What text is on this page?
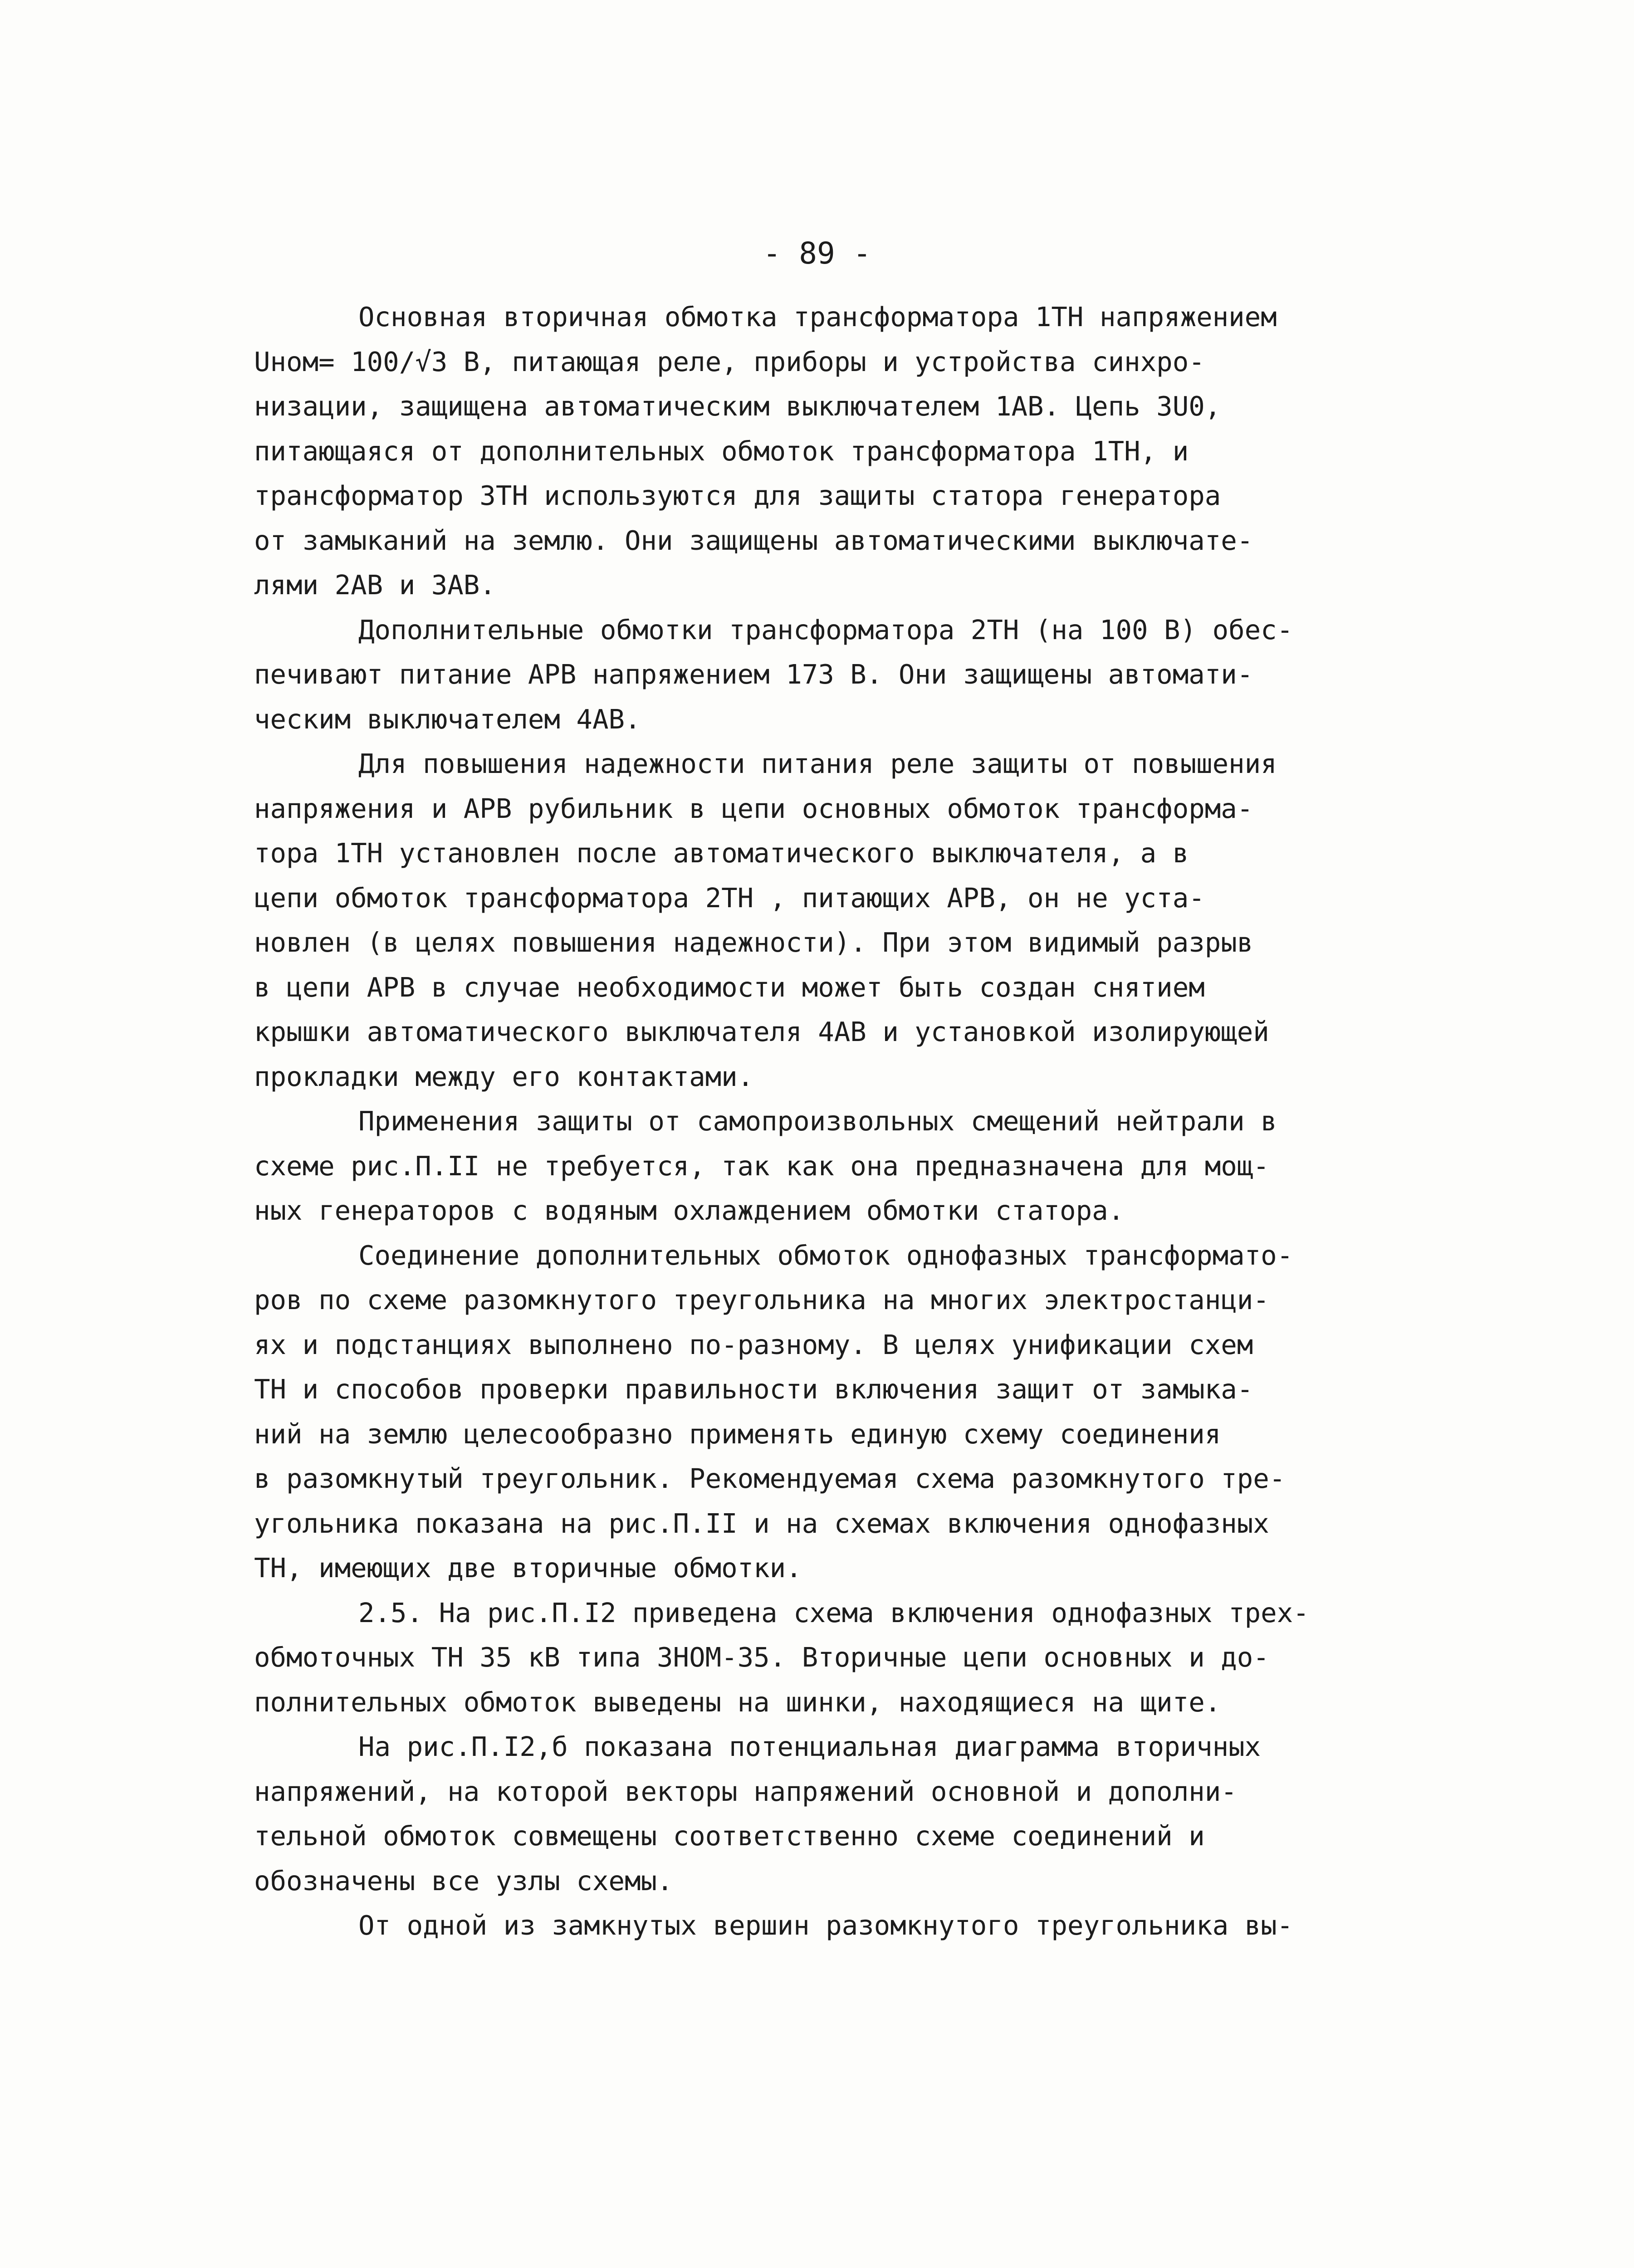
- 89 -
Основная вторичная обмотка трансформатора 1ТН напряжением
Uном= 100/√3 В, питающая реле, приборы и устройства синхро-
низации, защищена автоматическим выключателем 1АВ. Цепь 3U0,
питающаяся от дополнительных обмоток трансформатора 1ТН, и
трансформатор 3ТН используются для защиты статора генератора
от замыканий на землю. Они защищены автоматическими выключате-
лями 2АВ и 3АВ.
Дополнительные обмотки трансформатора 2ТН (на 100 В) обес-
печивают питание АРВ напряжением 173 В. Они защищены автомати-
ческим выключателем 4АВ.
Для повышения надежности питания реле защиты от повышения
напряжения и АРВ рубильник в цепи основных обмоток трансформа-
тора 1ТН установлен после автоматического выключателя, а в
цепи обмоток трансформатора 2ТН , питающих АРВ, он не уста-
новлен (в целях повышения надежности). При этом видимый разрыв
в цепи АРВ в случае необходимости может быть создан снятием
крышки автоматического выключателя 4АВ и установкой изолирующей
прокладки между его контактами.
Применения защиты от самопроизвольных смещений нейтрали в
схеме рис.П.II не требуется, так как она предназначена для мощ-
ных генераторов с водяным охлаждением обмотки статора.
Соединение дополнительных обмоток однофазных трансформато-
ров по схеме разомкнутого треугольника на многих электростанци-
ях и подстанциях выполнено по-разному. В целях унификации схем
ТН и способов проверки правильности включения защит от замыка-
ний на землю целесообразно применять единую схему соединения
в разомкнутый треугольник. Рекомендуемая схема разомкнутого тре-
угольника показана на рис.П.II и на схемах включения однофазных
ТН, имеющих две вторичные обмотки.
2.5. На рис.П.I2 приведена схема включения однофазных трех-
обмоточных ТН 35 кВ типа ЗНОМ-35. Вторичные цепи основных и до-
полнительных обмоток выведены на шинки, находящиеся на щите.
На рис.П.I2,б показана потенциальная диаграмма вторичных
напряжений, на которой векторы напряжений основной и дополни-
тельной обмоток совмещены соответственно схеме соединений и
обозначены все узлы схемы.
От одной из замкнутых вершин разомкнутого треугольника вы-
